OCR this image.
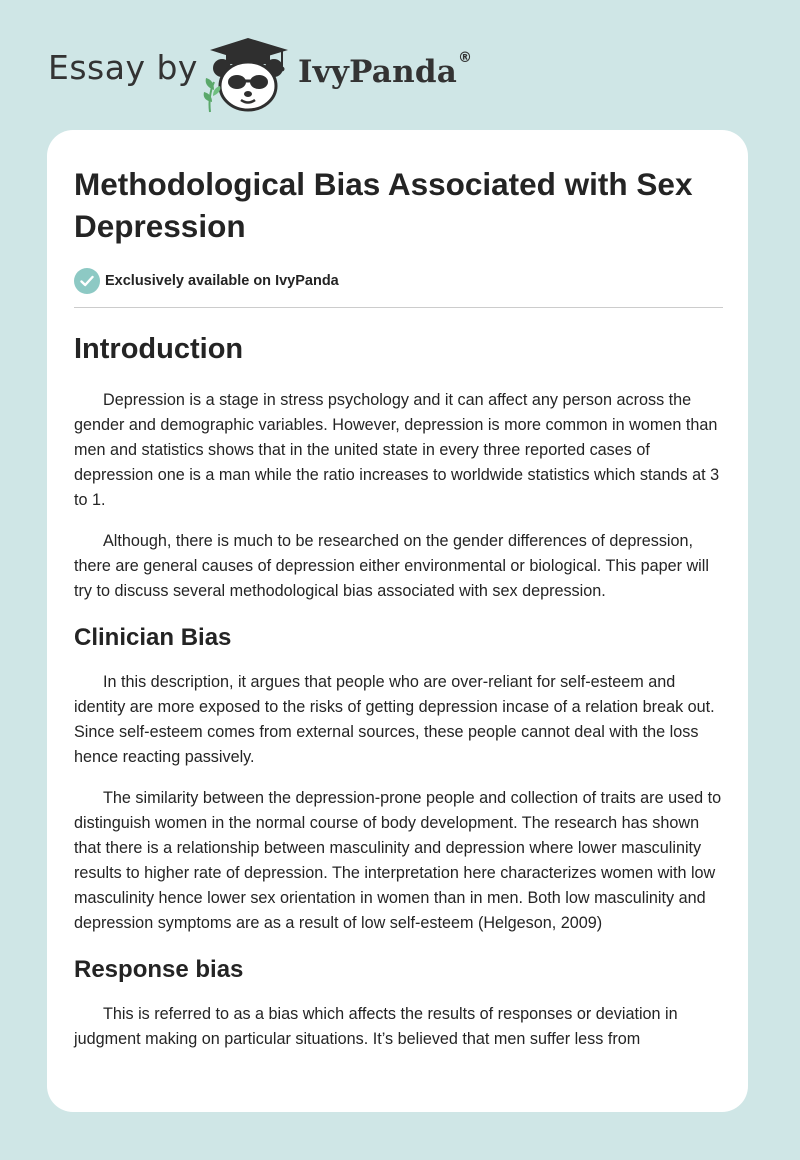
Essay by	IvyPanda®
Methodological Bias Associated with Sex Depression
Exclusively available on IvyPanda
Introduction

Depression is a stage in stress psychology and it can affect any person across the gender and demographic variables. However, depression is more common in women than men and statistics shows that in the united state in every three reported cases of depression one is a man while the ratio increases to worldwide statistics which stands at 3 to 1.

Although, there is much to be researched on the gender differences of depression, there are general causes of depression either environmental or biological. This paper will try to discuss several methodological bias associated with sex depression.

Clinician Bias

In this description, it argues that people who are over-reliant for self-esteem and identity are more exposed to the risks of getting depression incase of a relation break out. Since self-esteem comes from external sources, these people cannot deal with the loss hence reacting passively.

The similarity between the depression-prone people and collection of traits are used to distinguish women in the normal course of body development. The research has shown that there is a relationship between masculinity and depression where lower masculinity results to higher rate of depression. The interpretation here characterizes women with low masculinity hence lower sex orientation in women than in men. Both low masculinity and depression symptoms are as a result of low self-esteem (Helgeson, 2009)

Response bias

This is referred to as a bias which affects the results of responses or deviation in judgment making on particular situations. It’s believed that men suffer less from
